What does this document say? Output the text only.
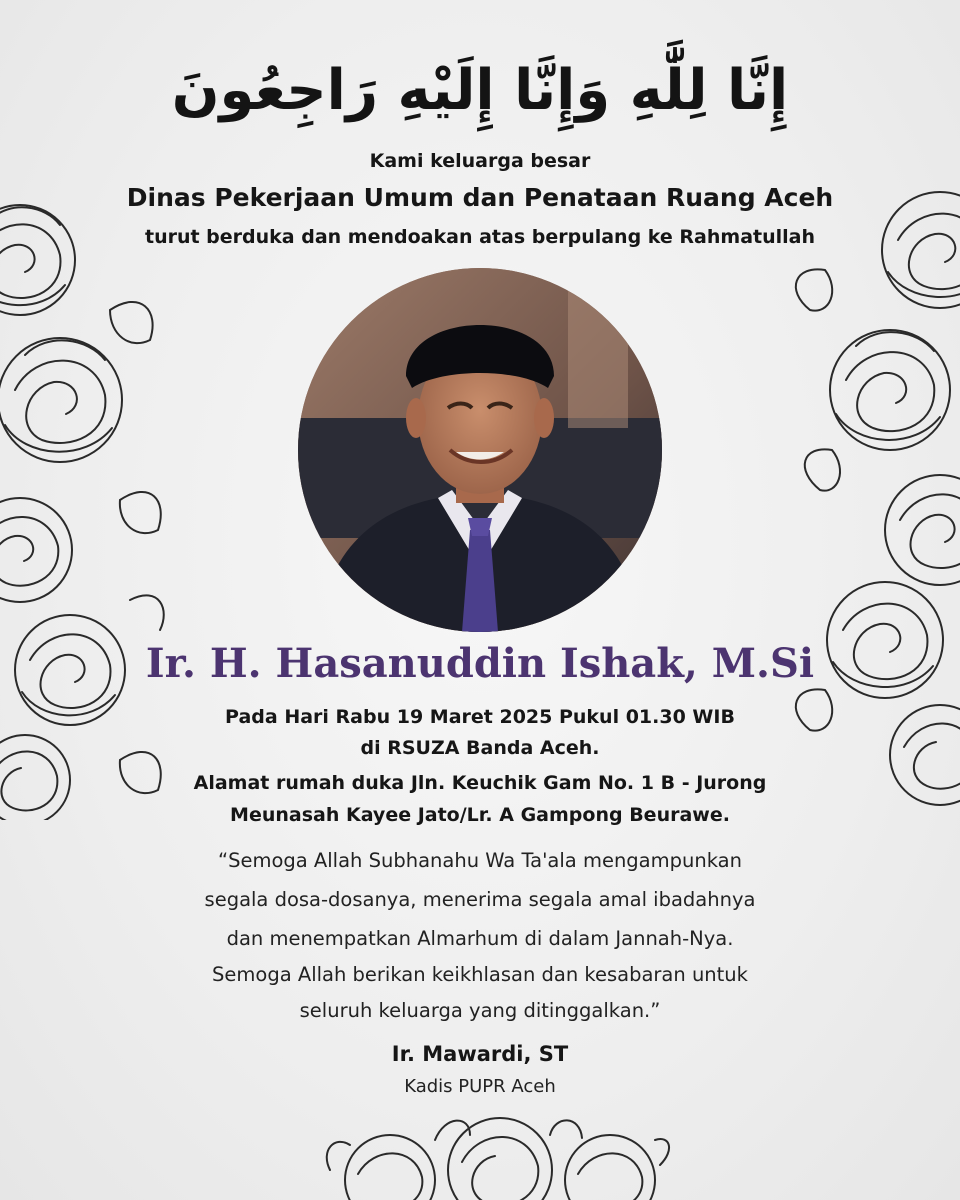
إِنَّا لِلَّٰهِ وَإِنَّا إِلَيْهِ رَاجِعُونَ
Kami keluarga besar
Dinas Pekerjaan Umum dan Penataan Ruang Aceh
turut berduka dan mendoakan atas berpulang ke Rahmatullah
Ir. H. Hasanuddin Ishak, M.Si
Pada Hari Rabu 19 Maret 2025 Pukul 01.30 WIB
di RSUZA Banda Aceh.
Alamat rumah duka Jln. Keuchik Gam No. 1 B - Jurong
Meunasah Kayee Jato/Lr. A Gampong Beurawe.
“Semoga Allah Subhanahu Wa Ta'ala mengampunkan
segala dosa-dosanya, menerima segala amal ibadahnya
dan menempatkan Almarhum di dalam Jannah-Nya.
Semoga Allah berikan keikhlasan dan kesabaran untuk
seluruh keluarga yang ditinggalkan.”
Ir. Mawardi, ST
Kadis PUPR Aceh
